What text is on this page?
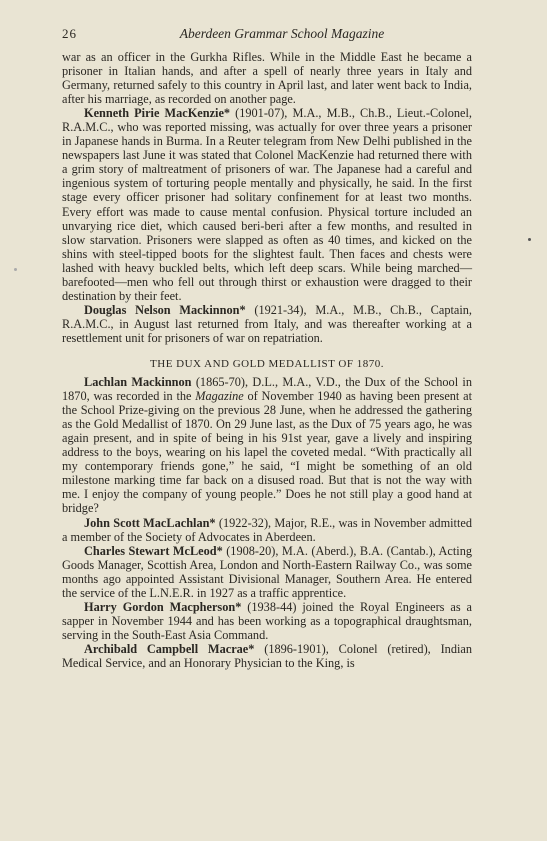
26	Aberdeen Grammar School Magazine

war as an officer in the Gurkha Rifles. While in the Middle East he became a prisoner in Italian hands, and after a spell of nearly three years in Italy and Germany, returned safely to this country in April last, and later went back to India, after his marriage, as recorded on another page.

Kenneth Pirie MacKenzie* (1901-07), M.A., M.B., Ch.B., Lieut.-Colonel, R.A.M.C., who was reported missing, was actually for over three years a prisoner in Japanese hands in Burma. In a Reuter telegram from New Delhi published in the newspapers last June it was stated that Colonel MacKenzie had returned there with a grim story of maltreatment of prisoners of war. The Japanese had a careful and ingenious system of torturing people mentally and physically, he said. In the first stage every officer prisoner had solitary confinement for at least two months. Every effort was made to cause mental confusion. Physical torture included an unvarying rice diet, which caused beri-beri after a few months, and resulted in slow starvation. Prisoners were slapped as often as 40 times, and kicked on the shins with steel-tipped boots for the slightest fault. Then faces and chests were lashed with heavy buckled belts, which left deep scars. While being marched—barefooted—men who fell out through thirst or exhaustion were dragged to their destination by their feet.

Douglas Nelson Mackinnon* (1921-34), M.A., M.B., Ch.B., Captain, R.A.M.C., in August last returned from Italy, and was thereafter working at a resettlement unit for prisoners of war on repatriation.

THE DUX AND GOLD MEDALLIST OF 1870.

Lachlan Mackinnon (1865-70), D.L., M.A., V.D., the Dux of the School in 1870, was recorded in the Magazine of November 1940 as having been present at the School Prize-giving on the previous 28 June, when he addressed the gathering as the Gold Medallist of 1870. On 29 June last, as the Dux of 75 years ago, he was again present, and in spite of being in his 91st year, gave a lively and inspiring address to the boys, wearing on his lapel the coveted medal. “With practically all my contemporary friends gone,” he said, “I might be something of an old milestone marking time far back on a disused road. But that is not the way with me. I enjoy the company of young people.” Does he not still play a good hand at bridge?

John Scott MacLachlan* (1922-32), Major, R.E., was in November admitted a member of the Society of Advocates in Aberdeen.

Charles Stewart McLeod* (1908-20), M.A. (Aberd.), B.A. (Cantab.), Acting Goods Manager, Scottish Area, London and North-Eastern Railway Co., was some months ago appointed Assistant Divisional Manager, Southern Area. He entered the service of the L.N.E.R. in 1927 as a traffic apprentice.

Harry Gordon Macpherson* (1938-44) joined the Royal Engineers as a sapper in November 1944 and has been working as a topographical draughtsman, serving in the South-East Asia Command.

Archibald Campbell Macrae* (1896-1901), Colonel (retired), Indian Medical Service, and an Honorary Physician to the King, is
